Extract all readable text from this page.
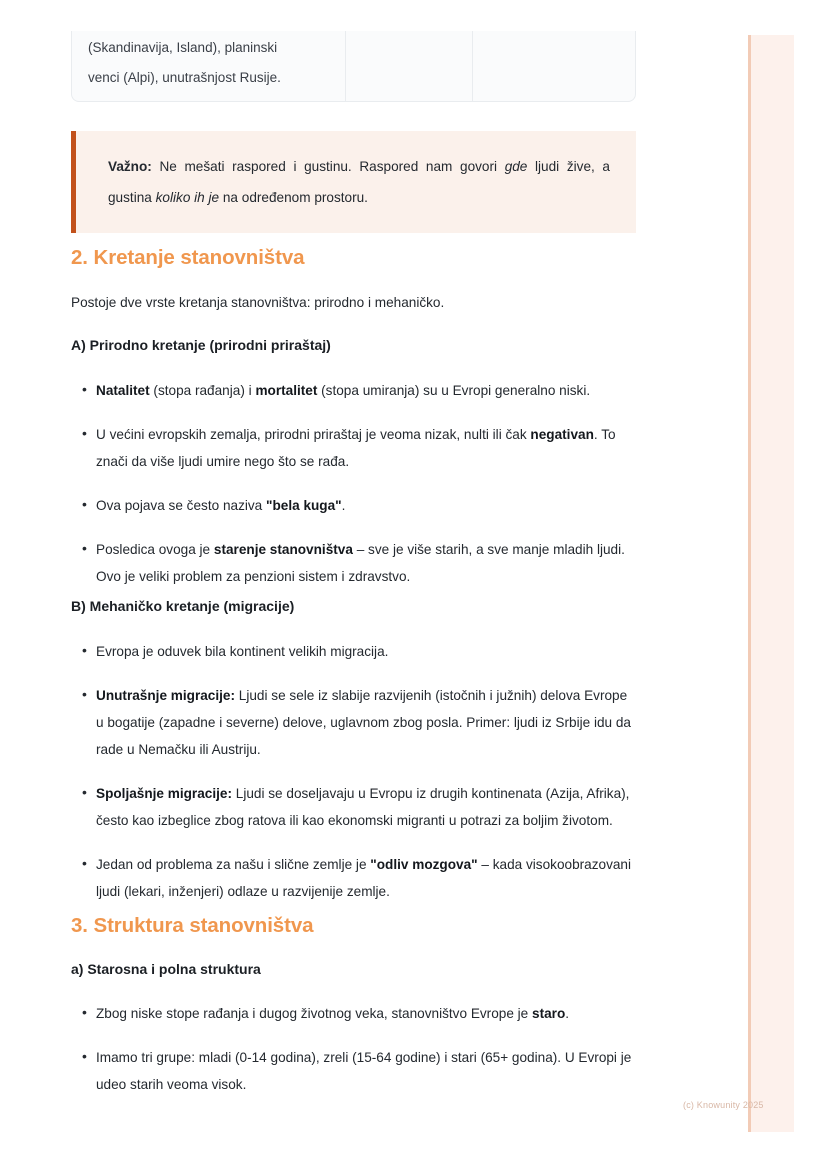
(Skandinavija, Island), planinski

venci (Alpi), unutrašnjost Rusije.

Važno: Ne mešati raspored i gustinu. Raspored nam govori gde ljudi žive, a gustina koliko ih je na određenom prostoru.

2. Kretanje stanovništva

Postoje dve vrste kretanja stanovništva: prirodno i mehaničko.

A) Prirodno kretanje (prirodni priraštaj)
• Natalitet (stopa rađanja) i mortalitet (stopa umiranja) su u Evropi generalno niski.
• U većini evropskih zemalja, prirodni priraštaj je veoma nizak, nulti ili čak negativan. To znači da više ljudi umire nego što se rađa.
• Ova pojava se često naziva "bela kuga".
• Posledica ovoga je starenje stanovništva – sve je više starih, a sve manje mladih ljudi. Ovo je veliki problem za penzioni sistem i zdravstvo.
B) Mehaničko kretanje (migracije)
• Evropa je oduvek bila kontinent velikih migracija.
• Unutrašnje migracije: Ljudi se sele iz slabije razvijenih (istočnih i južnih) delova Evrope u bogatije (zapadne i severne) delove, uglavnom zbog posla. Primer: ljudi iz Srbije idu da rade u Nemačku ili Austriju.
• Spoljašnje migracije: Ljudi se doseljavaju u Evropu iz drugih kontinenata (Azija, Afrika), često kao izbeglice zbog ratova ili kao ekonomski migranti u potrazi za boljim životom.
• Jedan od problema za našu i slične zemlje je "odliv mozgova" – kada visokoobrazovani ljudi (lekari, inženjeri) odlaze u razvijenije zemlje.
3. Struktura stanovništva
a) Starosna i polna struktura
• Zbog niske stope rađanja i dugog životnog veka, stanovništvo Evrope je staro.
• Imamo tri grupe: mladi (0-14 godina), zreli (15-64 godine) i stari (65+ godina). U Evropi je udeo starih veoma visok.
(c) Knowunity 2025
